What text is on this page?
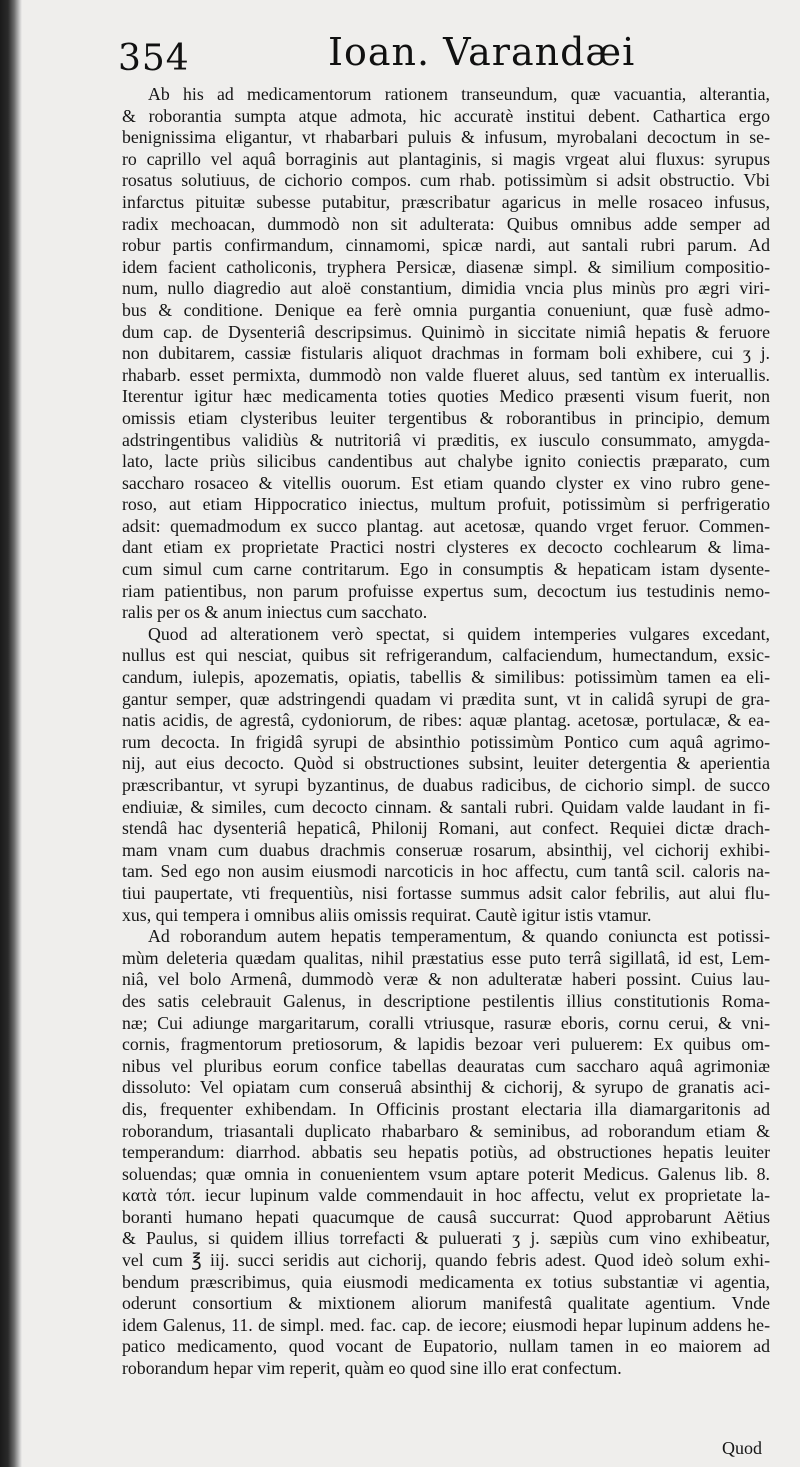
354	Ioan. Varandæi
Ab his ad medicamentorum rationem transeundum, quæ vacuantia, alterantia,
& roborantia sumpta atque admota, hic accuratè institui debent. Cathartica ergo
benignissima eligantur, vt rhabarbari puluis & infusum, myrobalani decoctum in se-
ro caprillo vel aquâ borraginis aut plantaginis, si magis vrgeat alui fluxus: syrupus
rosatus solutiuus, de cichorio compos. cum rhab. potissimùm si adsit obstructio. Vbi
infarctus pituitæ subesse putabitur, præscribatur agaricus in melle rosaceo infusus,
radix mechoacan, dummodò non sit adulterata: Quibus omnibus adde semper ad
robur partis confirmandum, cinnamomi, spicæ nardi, aut santali rubri parum. Ad
idem facient catholiconis, tryphera Persicæ, diasenæ simpl. & similium compositio-
num, nullo diagredio aut aloë constantium, dimidia vncia plus minùs pro ægri viri-
bus & conditione. Denique ea ferè omnia purgantia conueniunt, quæ fusè admo-
dum cap. de Dysenteriâ descripsimus. Quinimò in siccitate nimiâ hepatis & feruore
non dubitarem, cassiæ fistularis aliquot drachmas in formam boli exhibere, cui ʒ j.
rhabarb. esset permixta, dummodò non valde flueret aluus, sed tantùm ex interuallis.
Iterentur igitur hæc medicamenta toties quoties Medico præsenti visum fuerit, non
omissis etiam clysteribus leuiter tergentibus & roborantibus in principio, demum
adstringentibus validiùs & nutritoriâ vi præditis, ex iusculo consummato, amygda-
lato, lacte priùs silicibus candentibus aut chalybe ignito coniectis præparato, cum
saccharo rosaceo & vitellis ouorum. Est etiam quando clyster ex vino rubro gene-
roso, aut etiam Hippocratico iniectus, multum profuit, potissimùm si perfrigeratio
adsit: quemadmodum ex succo plantag. aut acetosæ, quando vrget feruor. Commen-
dant etiam ex proprietate Practici nostri clysteres ex decocto cochlearum & lima-
cum simul cum carne contritarum. Ego in consumptis & hepaticam istam dysente-
riam patientibus, non parum profuisse expertus sum, decoctum ius testudinis nemo-
ralis per os & anum iniectus cum sacchato.
Quod ad alterationem verò spectat, si quidem intemperies vulgares excedant,
nullus est qui nesciat, quibus sit refrigerandum, calfaciendum, humectandum, exsic-
candum, iulepis, apozematis, opiatis, tabellis & similibus: potissimùm tamen ea eli-
gantur semper, quæ adstringendi quadam vi prædita sunt, vt in calidâ syrupi de gra-
natis acidis, de agrestâ, cydoniorum, de ribes: aquæ plantag. acetosæ, portulacæ, & ea-
rum decocta. In frigidâ syrupi de absinthio potissimùm Pontico cum aquâ agrimo-
nij, aut eius decocto. Quòd si obstructiones subsint, leuiter detergentia & aperientia
præscribantur, vt syrupi byzantinus, de duabus radicibus, de cichorio simpl. de succo
endiuiæ, & similes, cum decocto cinnam. & santali rubri. Quidam valde laudant in fi-
stendâ hac dysenteriâ hepaticâ, Philonij Romani, aut confect. Requiei dictæ drach-
mam vnam cum duabus drachmis conseruæ rosarum, absinthij, vel cichorij exhibi-
tam. Sed ego non ausim eiusmodi narcoticis in hoc affectu, cum tantâ scil. caloris na-
tiui paupertate, vti frequentiùs, nisi fortasse summus adsit calor febrilis, aut alui flu-
xus, qui tempera i omnibus aliis omissis requirat. Cautè igitur istis vtamur.
Ad roborandum autem hepatis temperamentum, & quando coniuncta est potissi-
mùm deleteria quædam qualitas, nihil præstatius esse puto terrâ sigillatâ, id est, Lem-
niâ, vel bolo Armenâ, dummodò veræ & non adulteratæ haberi possint. Cuius lau-
des satis celebrauit Galenus, in descriptione pestilentis illius constitutionis Roma-
næ; Cui adiunge margaritarum, coralli vtriusque, rasuræ eboris, cornu cerui, & vni-
cornis, fragmentorum pretiosorum, & lapidis bezoar veri puluerem: Ex quibus om-
nibus vel pluribus eorum confice tabellas deauratas cum saccharo aquâ agrimoniæ
dissoluto: Vel opiatam cum conseruâ absinthij & cichorij, & syrupo de granatis aci-
dis, frequenter exhibendam. In Officinis prostant electaria illa diamargaritonis ad
roborandum, triasantali duplicato rhabarbaro & seminibus, ad roborandum etiam &
temperandum: diarrhod. abbatis seu hepatis potiùs, ad obstructiones hepatis leuiter
soluendas; quæ omnia in conuenientem vsum aptare poterit Medicus. Galenus lib. 8.
κατὰ τόπ. iecur lupinum valde commendauit in hoc affectu, velut ex proprietate la-
boranti humano hepati quacumque de causâ succurrat: Quod approbarunt Aëtius
& Paulus, si quidem illius torrefacti & puluerati ʒ j. sæpiùs cum vino exhibeatur,
vel cum ℥ iij. succi seridis aut cichorij, quando febris adest. Quod ideò solum exhi-
bendum præscribimus, quia eiusmodi medicamenta ex totius substantiæ vi agentia,
oderunt consortium & mixtionem aliorum manifestâ qualitate agentium. Vnde
idem Galenus, 11. de simpl. med. fac. cap. de iecore; eiusmodi hepar lupinum addens he-
patico medicamento, quod vocant de Eupatorio, nullam tamen in eo maiorem ad
roborandum hepar vim reperit, quàm eo quod sine illo erat confectum.
Quod
